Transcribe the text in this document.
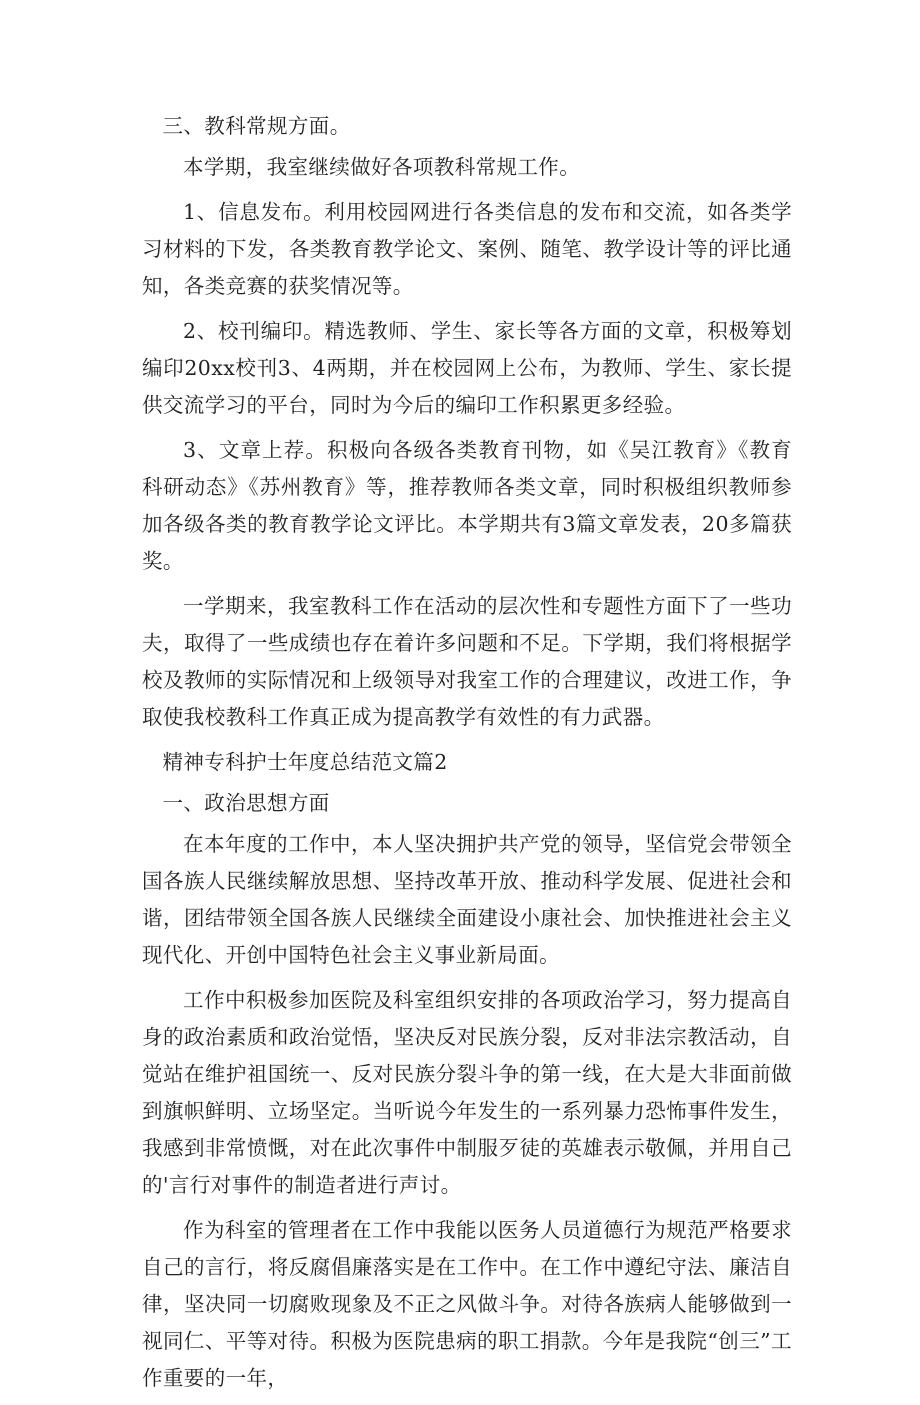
三、教科常规方面。

本学期，我室继续做好各项教科常规工作。

1、信息发布。利用校园网进行各类信息的发布和交流，如各类学习材料的下发，各类教育教学论文、案例、随笔、教学设计等的评比通知，各类竞赛的获奖情况等。

2、校刊编印。精选教师、学生、家长等各方面的文章，积极筹划编印20xx校刊3、4两期，并在校园网上公布，为教师、学生、家长提供交流学习的平台，同时为今后的编印工作积累更多经验。

3、文章上荐。积极向各级各类教育刊物，如《吴江教育》《教育科研动态》《苏州教育》等，推荐教师各类文章，同时积极组织教师参加各级各类的教育教学论文评比。本学期共有3篇文章发表，20多篇获奖。

一学期来，我室教科工作在活动的层次性和专题性方面下了一些功夫，取得了一些成绩也存在着许多问题和不足。下学期，我们将根据学校及教师的实际情况和上级领导对我室工作的合理建议，改进工作，争取使我校教科工作真正成为提高教学有效性的有力武器。

精神专科护士年度总结范文篇2

一、政治思想方面

在本年度的工作中，本人坚决拥护共产党的领导，坚信党会带领全国各族人民继续解放思想、坚持改革开放、推动科学发展、促进社会和谐，团结带领全国各族人民继续全面建设小康社会、加快推进社会主义现代化、开创中国特色社会主义事业新局面。

工作中积极参加医院及科室组织安排的各项政治学习，努力提高自身的政治素质和政治觉悟，坚决反对民族分裂，反对非法宗教活动，自觉站在维护祖国统一、反对民族分裂斗争的第一线，在大是大非面前做到旗帜鲜明、立场坚定。当听说今年发生的一系列暴力恐怖事件发生，我感到非常愤慨，对在此次事件中制服歹徒的英雄表示敬佩，并用自己的'言行对事件的制造者进行声讨。

作为科室的管理者在工作中我能以医务人员道德行为规范严格要求自己的言行，将反腐倡廉落实是在工作中。在工作中遵纪守法、廉洁自律，坚决同一切腐败现象及不正之风做斗争。对待各族病人能够做到一视同仁、平等对待。积极为医院患病的职工捐款。今年是我院“创三”工作重要的一年，
